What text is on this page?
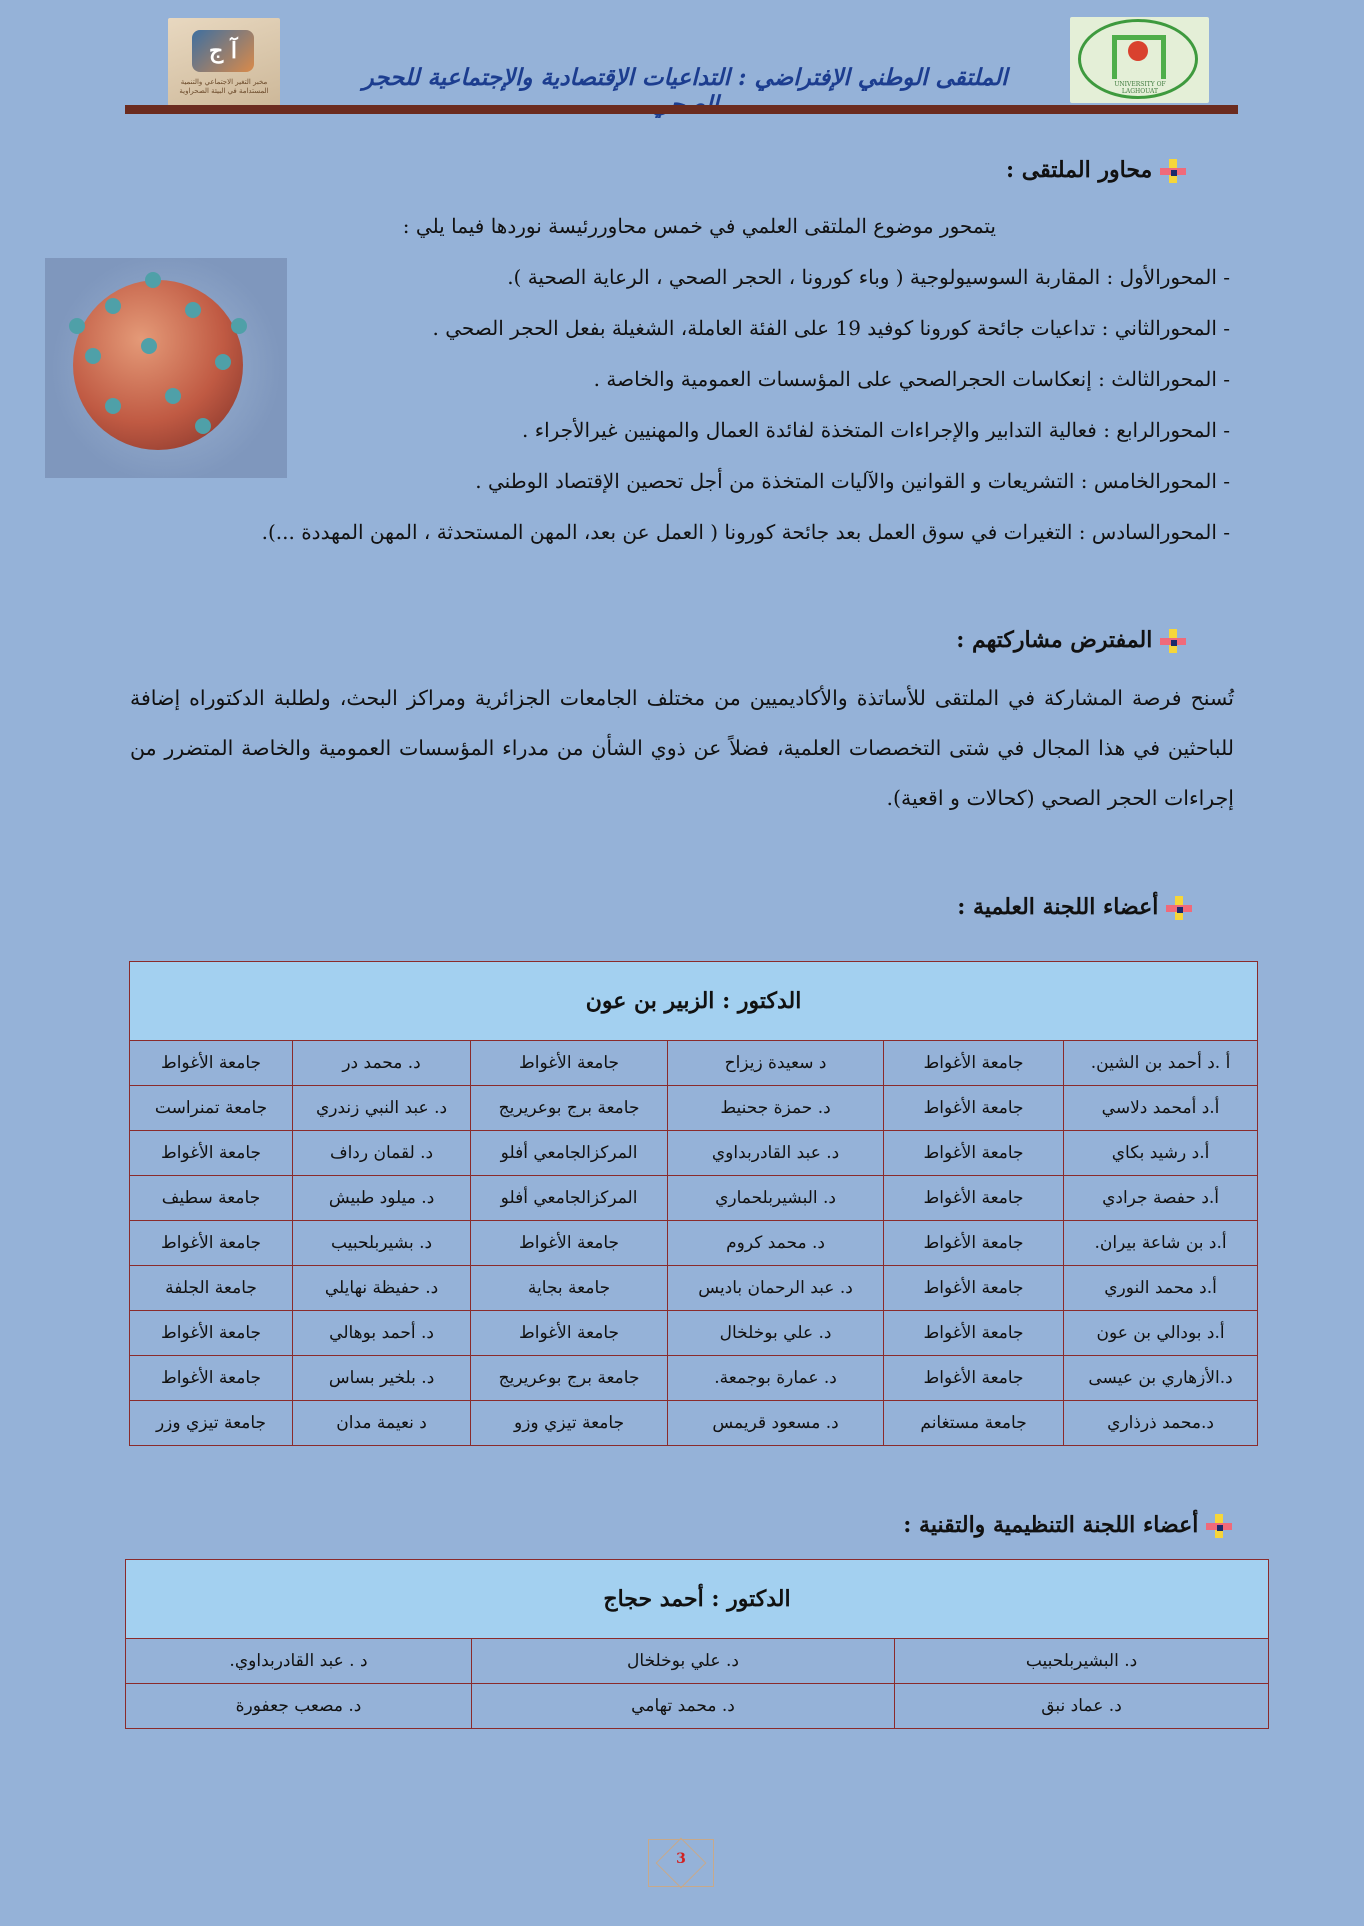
آ ج
مخبر التغير الاجتماعي والتنمية المستدامة في البيئة الصحراوية	الملتقى الوطني الإفتراضي : التداعيات الإقتصادية والإجتماعية للحجر	UNIVERSITY OF LAGHOUAT
محاور الملتقى :
يتمحور موضوع الملتقى العلمي في خمس محاوررئيسة نوردها فيما يلي :
- المحورالأول : المقاربة السوسيولوجية ( وباء كورونا ، الحجر الصحي ، الرعاية الصحية ).
- المحورالثاني : تداعيات جائحة كورونا كوفيد 19 على الفئة العاملة، الشغيلة بفعل الحجر الصحي .
- المحورالثالث : إنعكاسات الحجرالصحي على المؤسسات العمومية والخاصة .
- المحورالرابع : فعالية التدابير والإجراءات المتخذة لفائدة العمال والمهنيين غيرالأجراء .
- المحورالخامس : التشريعات و القوانين والآليات المتخذة من أجل تحصين الإقتصاد الوطني .
- المحورالسادس : التغيرات في سوق العمل بعد جائحة كورونا ( العمل عن بعد، المهن المستحدثة ، المهن المهددة ...).
المفترض مشاركتهم :
تُسنح فرصة المشاركة في الملتقى للأساتذة والأكاديميين من مختلف الجامعات الجزائرية ومراكز البحث، ولطلبة الدكتوراه إضافة للباحثين في هذا المجال في شتى التخصصات العلمية، فضلاً عن ذوي الشأن من مدراء المؤسسات العمومية والخاصة المتضرر من إجراءات الحجر الصحي (كحالات و اقعية).
أعضاء اللجنة العلمية :
الدكتور : الزبير بن عون					
أ .د أحمد بن الشين.	جامعة الأغواط	د سعيدة زيزاح	جامعة الأغواط	د. محمد در	جامعة الأغواط
أ.د أمحمد دلاسي	جامعة الأغواط	د. حمزة جحنيط	جامعة برج بوعريريج	د. عبد النبي زندري	جامعة تمنراست
أ.د رشيد بكاي	جامعة الأغواط	د. عبد القادربداوي	المركزالجامعي أفلو	د. لقمان رداف	جامعة الأغواط
أ.د حفصة جرادي	جامعة الأغواط	د. البشيربلحماري	المركزالجامعي أفلو	د. ميلود طبيش	جامعة سطيف
أ.د بن شاعة بيران.	جامعة الأغواط	د. محمد كروم	جامعة الأغواط	د. بشيربلحبيب	جامعة الأغواط
أ.د محمد النوري	جامعة الأغواط	د. عبد الرحمان باديس	جامعة بجاية	د. حفيظة نهايلي	جامعة الجلفة
أ.د بودالي بن عون	جامعة الأغواط	د. علي بوخلخال	جامعة الأغواط	د. أحمد بوهالي	جامعة الأغواط
د.الأزهاري بن عيسى	جامعة الأغواط	د. عمارة بوجمعة.	جامعة برج بوعريريج	د. بلخير بساس	جامعة الأغواط
د.محمد ذرذاري	جامعة مستغانم	د. مسعود قريمس	جامعة تيزي وزو	د نعيمة مدان	جامعة تيزي وزر
أعضاء اللجنة التنظيمية والتقنية :
الدكتور : أحمد حجاج		
د. البشيربلحبيب	د. علي بوخلخال	د . عبد القادربداوي.
د. عماد نبق	د. محمد تهامي	د. مصعب جعفورة
3
